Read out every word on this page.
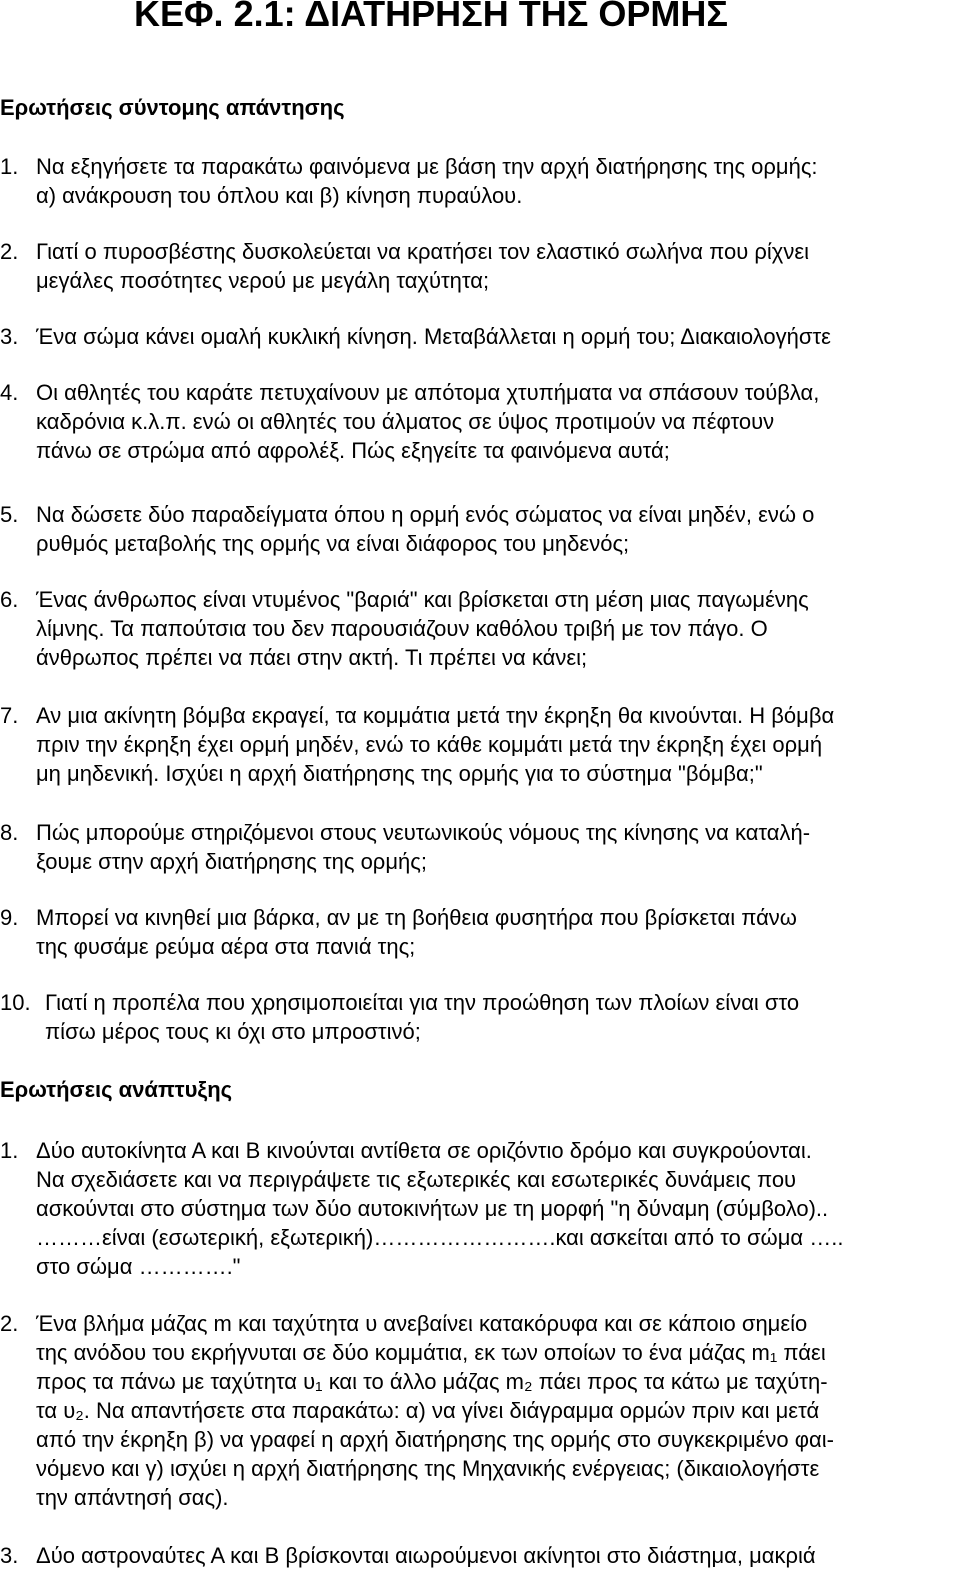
ΚΕΦ. 2.1: ΔΙΑΤΗΡΗΣΗ ΤΗΣ ΟΡΜΗΣ
Ερωτήσεις σύντομης απάντησης
1. Να εξηγήσετε τα παρακάτω φαινόμενα με βάση την αρχή διατήρησης της ορμής:
α) ανάκρουση του όπλου και β) κίνηση πυραύλου.
2. Γιατί ο πυροσβέστης δυσκολεύεται να κρατήσει τον ελαστικό σωλήνα που ρίχνει
μεγάλες ποσότητες νερού με μεγάλη ταχύτητα;
3. Ένα σώμα κάνει ομαλή κυκλική κίνηση. Μεταβάλλεται η ορμή του; Διακαιολογήστε
4. Οι αθλητές του καράτε πετυχαίνουν με απότομα χτυπήματα να σπάσουν τούβλα,
καδρόνια κ.λ.π. ενώ οι αθλητές του άλματος σε ύψος προτιμούν να πέφτουν
πάνω σε στρώμα από αφρολέξ. Πώς εξηγείτε τα φαινόμενα αυτά;
5. Να δώσετε δύο παραδείγματα όπου η ορμή ενός σώματος να είναι μηδέν, ενώ ο
ρυθμός μεταβολής της ορμής να είναι διάφορος του μηδενός;
6. Ένας άνθρωπος είναι ντυμένος "βαριά" και βρίσκεται στη μέση μιας παγωμένης
λίμνης. Τα παπούτσια του δεν παρουσιάζουν καθόλου τριβή με τον πάγο. Ο
άνθρωπος πρέπει να πάει στην ακτή. Τι πρέπει να κάνει;
7. Αν μια ακίνητη βόμβα εκραγεί, τα κομμάτια μετά την έκρηξη θα κινούνται. Η βόμβα
πριν την έκρηξη έχει ορμή μηδέν, ενώ το κάθε κομμάτι μετά την έκρηξη έχει ορμή
μη μηδενική. Ισχύει η αρχή διατήρησης της ορμής για το σύστημα "βόμβα;"
8. Πώς μπορούμε στηριζόμενοι στους νευτωνικούς νόμους της κίνησης να καταλή-
ξουμε στην αρχή διατήρησης της ορμής;
9. Μπορεί να κινηθεί μια βάρκα, αν με τη βοήθεια φυσητήρα που βρίσκεται πάνω
της φυσάμε ρεύμα αέρα στα πανιά της;
10. Γιατί η προπέλα που χρησιμοποιείται για την προώθηση των πλοίων είναι στο
πίσω μέρος τους κι όχι στο μπροστινό;
Ερωτήσεις ανάπτυξης
1. Δύο αυτοκίνητα Α και Β κινούνται αντίθετα σε οριζόντιο δρόμο και συγκρούονται.
Να σχεδιάσετε και να περιγράψετε τις εξωτερικές και εσωτερικές δυνάμεις που
ασκούνται στο σύστημα των δύο αυτοκινήτων με τη μορφή "η δύναμη (σύμβολο)..
………είναι (εσωτερική, εξωτερική)…………………….και ασκείται από το σώμα …..
στο σώμα …………."
2. Ένα βλήμα μάζας m και ταχύτητα υ ανεβαίνει κατακόρυφα και σε κάποιο σημείο
της ανόδου του εκρήγνυται σε δύο κομμάτια, εκ των οποίων το ένα μάζας m₁ πάει
προς τα πάνω με ταχύτητα υ₁ και το άλλο μάζας m₂ πάει προς τα κάτω με ταχύτη-
τα υ₂. Να απαντήσετε στα παρακάτω: α) να γίνει διάγραμμα ορμών πριν και μετά
από την έκρηξη β) να γραφεί η αρχή διατήρησης της ορμής στο συγκεκριμένο φαι-
νόμενο και γ) ισχύει η αρχή διατήρησης της Μηχανικής ενέργειας; (δικαιολογήστε
την απάντησή σας).
3. Δύο αστροναύτες Α και Β βρίσκονται αιωρούμενοι ακίνητοι στο διάστημα, μακριά
